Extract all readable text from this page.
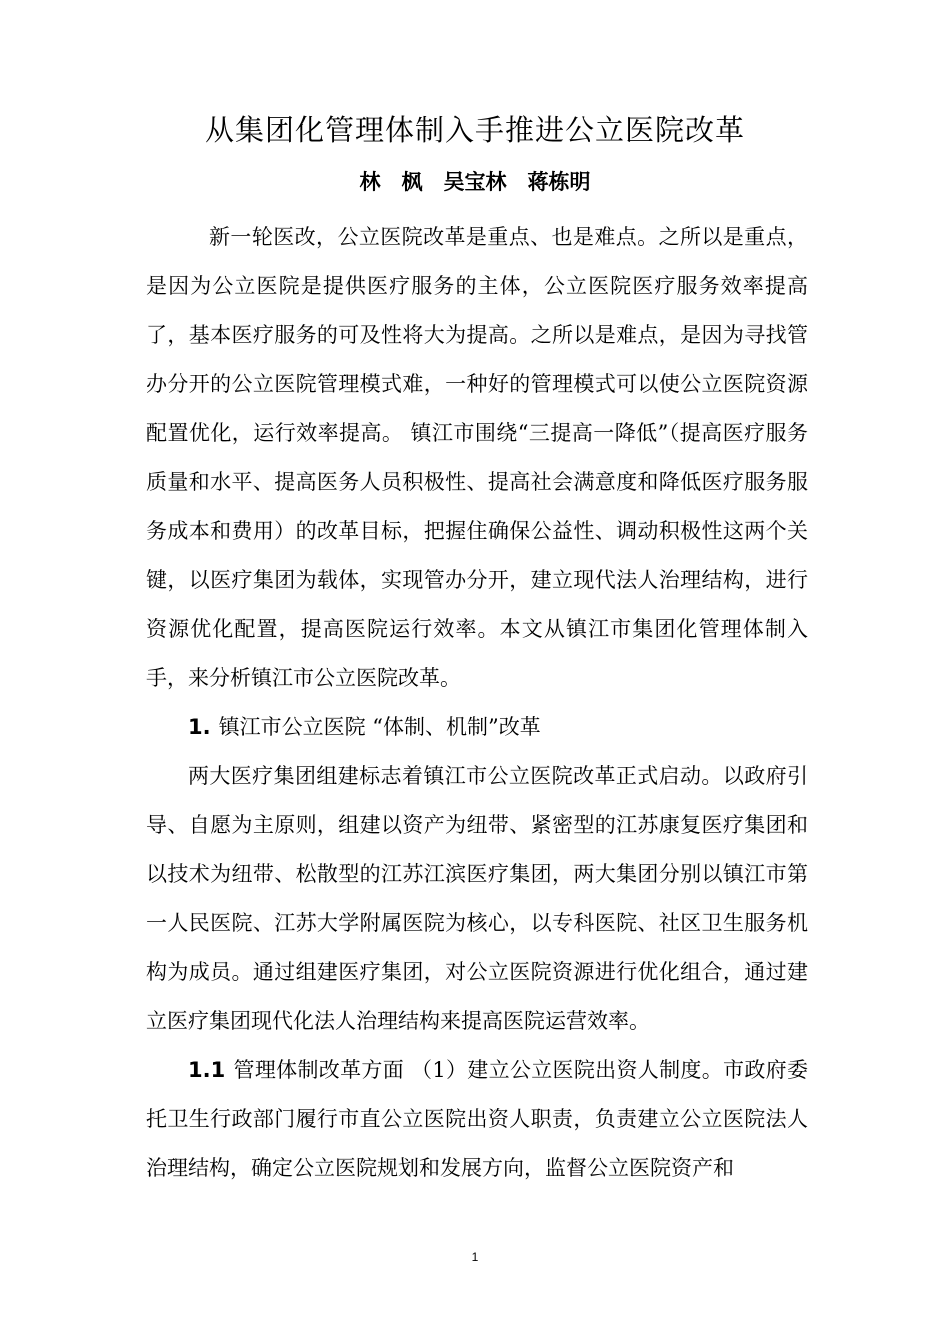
从集团化管理体制入手推进公立医院改革
林　枫　吴宝林　蒋栋明

新一轮医改，公立医院改革是重点、也是难点。之所以是重点，是因为公立医院是提供医疗服务的主体，公立医院医疗服务效率提高了，基本医疗服务的可及性将大为提高。之所以是难点，是因为寻找管办分开的公立医院管理模式难，一种好的管理模式可以使公立医院资源配置优化，运行效率提高。 镇江市围绕“三提高一降低”（提高医疗服务质量和水平、提高医务人员积极性、提高社会满意度和降低医疗服务服务成本和费用）的改革目标，把握住确保公益性、调动积极性这两个关键，以医疗集团为载体，实现管办分开，建立现代法人治理结构，进行资源优化配置，提高医院运行效率。本文从镇江市集团化管理体制入手，来分析镇江市公立医院改革。

1. 镇江市公立医院 “体制、机制”改革

两大医疗集团组建标志着镇江市公立医院改革正式启动。以政府引导、自愿为主原则，组建以资产为纽带、紧密型的江苏康复医疗集团和以技术为纽带、松散型的江苏江滨医疗集团，两大集团分别以镇江市第一人民医院、江苏大学附属医院为核心，以专科医院、社区卫生服务机构为成员。通过组建医疗集团，对公立医院资源进行优化组合，通过建立医疗集团现代化法人治理结构来提高医院运营效率。

1.1 管理体制改革方面 （1）建立公立医院出资人制度。市政府委托卫生行政部门履行市直公立医院出资人职责，负责建立公立医院法人治理结构，确定公立医院规划和发展方向，监督公立医院资产和

1
